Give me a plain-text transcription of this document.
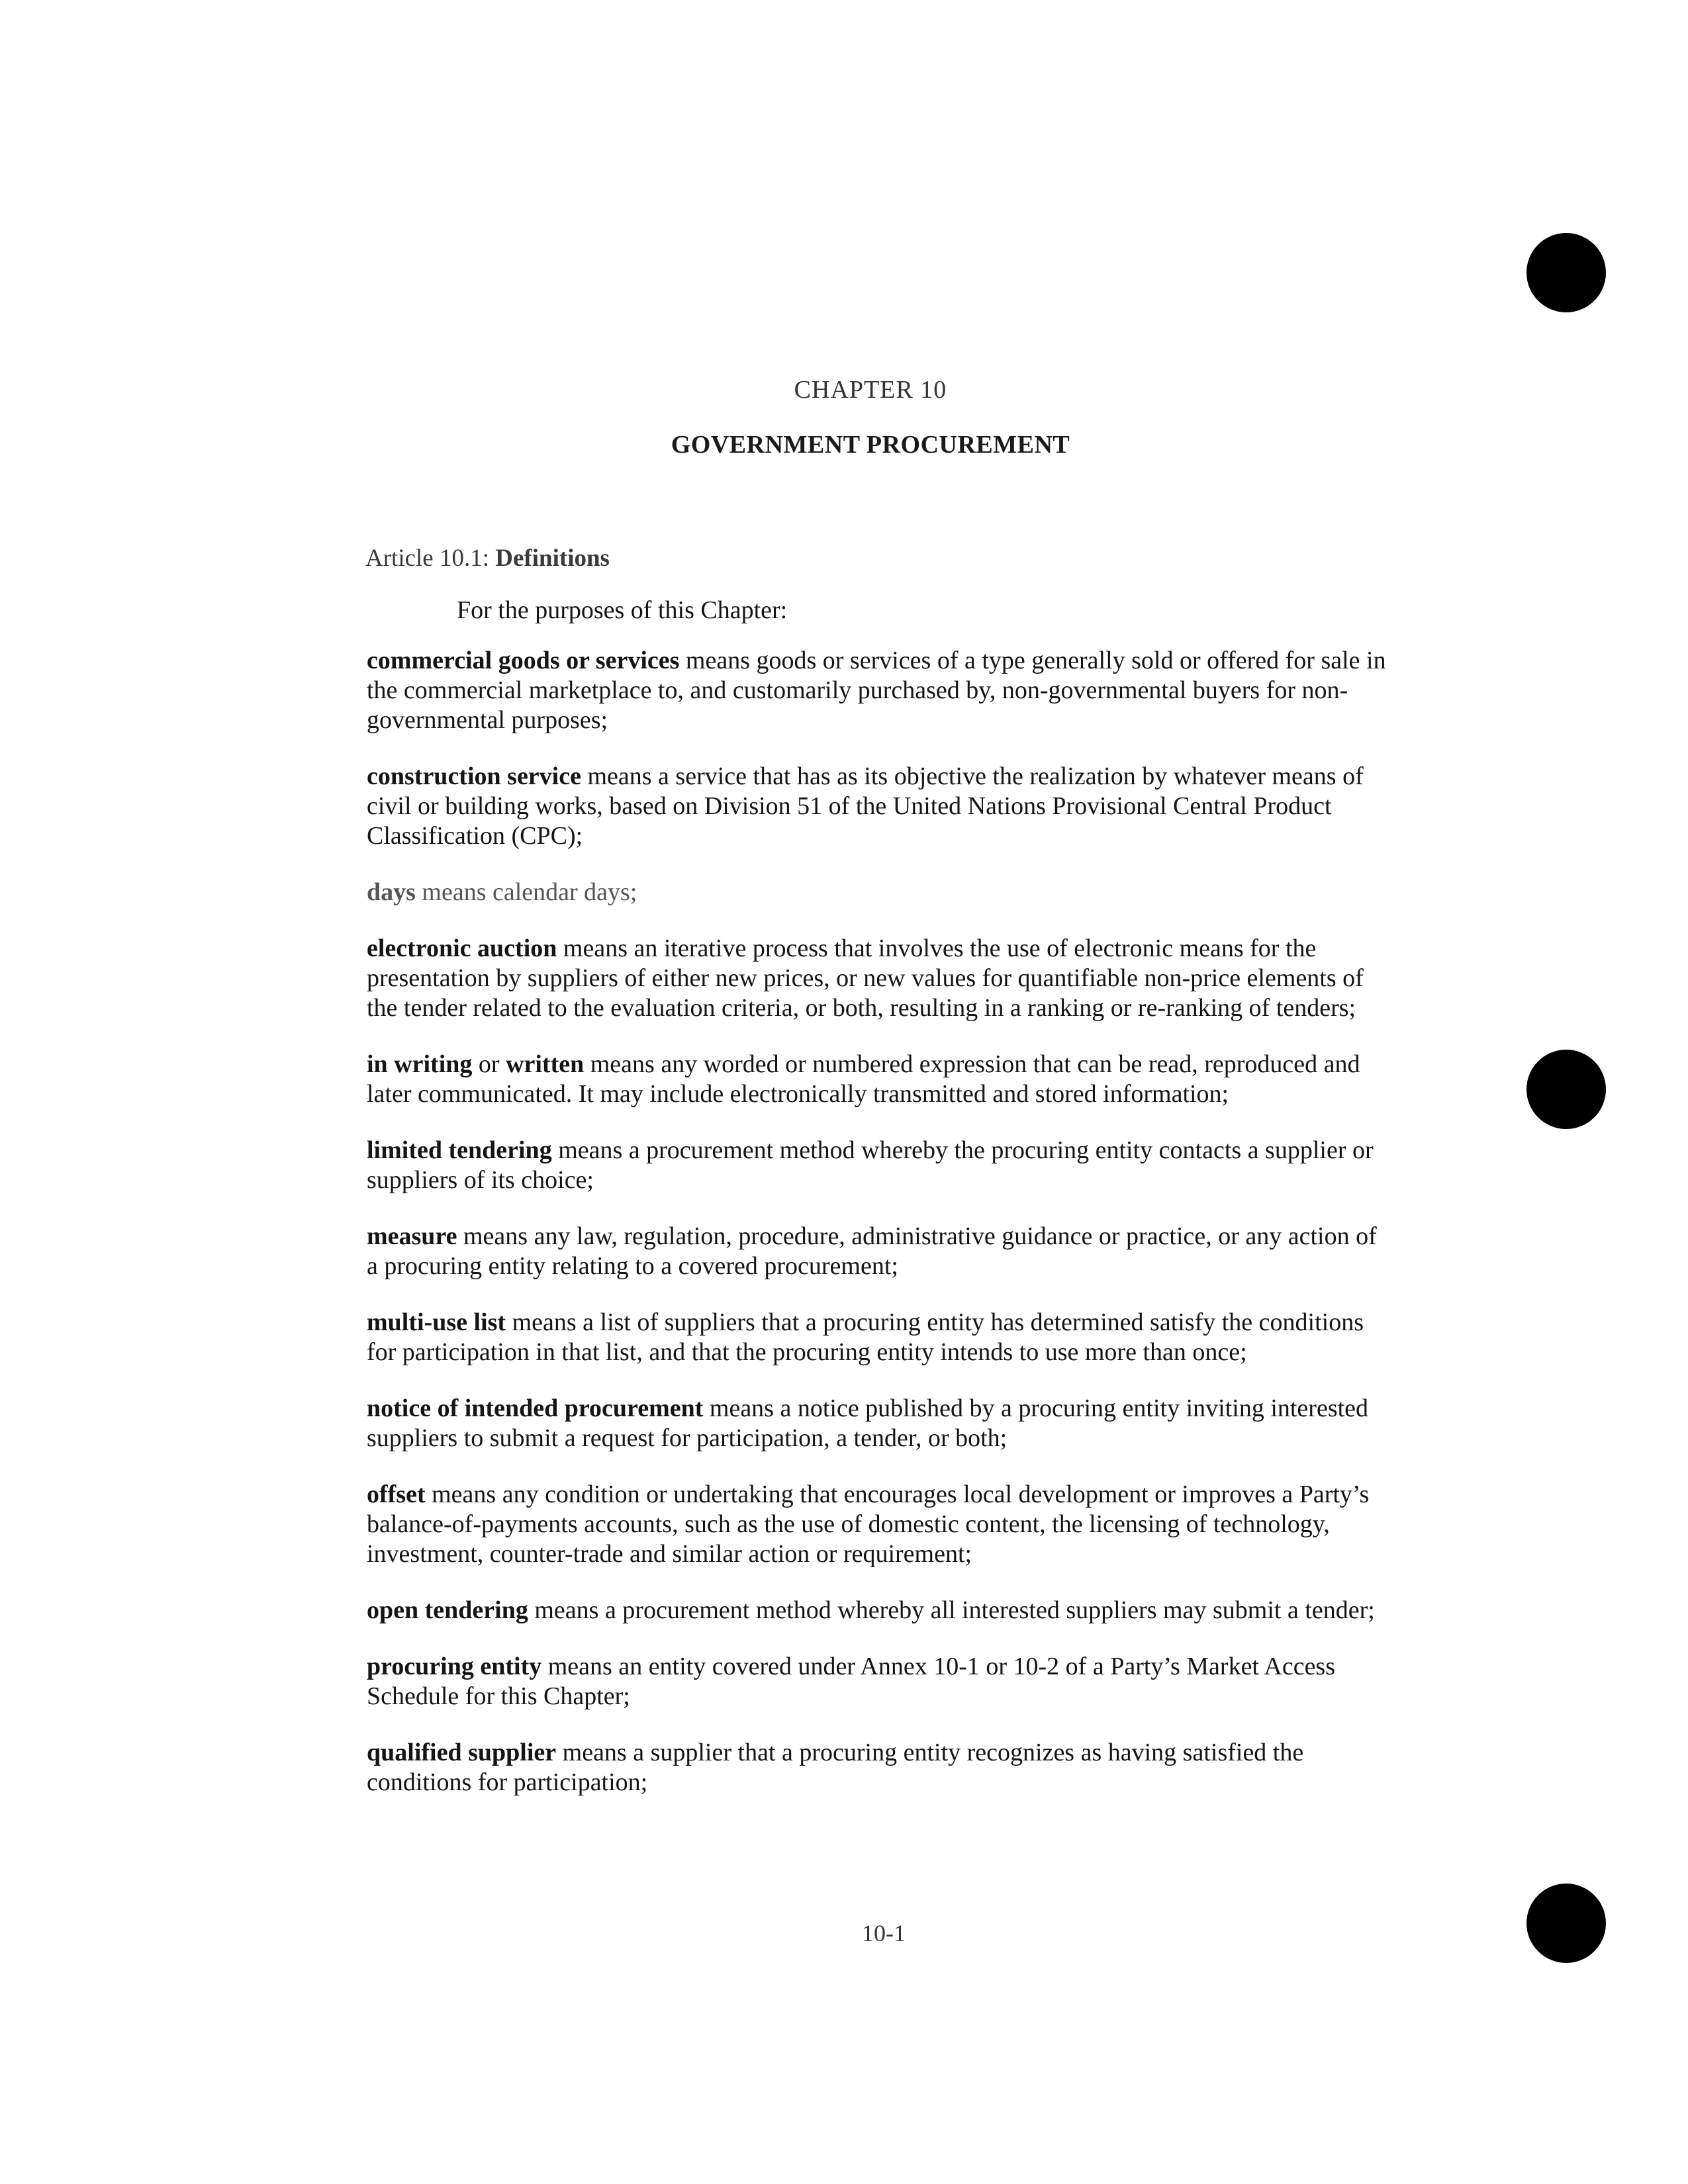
CHAPTER 10
GOVERNMENT PROCUREMENT
Article 10.1: Definitions
For the purposes of this Chapter:

commercial goods or services means goods or services of a type generally sold or offered for sale in the commercial marketplace to, and customarily purchased by, non-governmental buyers for non-governmental purposes;

construction service means a service that has as its objective the realization by whatever means of civil or building works, based on Division 51 of the United Nations Provisional Central Product Classification (CPC);

days means calendar days;

electronic auction means an iterative process that involves the use of electronic means for the presentation by suppliers of either new prices, or new values for quantifiable non-price elements of the tender related to the evaluation criteria, or both, resulting in a ranking or re-ranking of tenders;

in writing or written means any worded or numbered expression that can be read, reproduced and later communicated. It may include electronically transmitted and stored information;

limited tendering means a procurement method whereby the procuring entity contacts a supplier or suppliers of its choice;

measure means any law, regulation, procedure, administrative guidance or practice, or any action of a procuring entity relating to a covered procurement;

multi-use list means a list of suppliers that a procuring entity has determined satisfy the conditions for participation in that list, and that the procuring entity intends to use more than once;

notice of intended procurement means a notice published by a procuring entity inviting interested suppliers to submit a request for participation, a tender, or both;

offset means any condition or undertaking that encourages local development or improves a Party’s balance-of-payments accounts, such as the use of domestic content, the licensing of technology, investment, counter-trade and similar action or requirement;

open tendering means a procurement method whereby all interested suppliers may submit a tender;

procuring entity means an entity covered under Annex 10-1 or 10-2 of a Party’s Market Access Schedule for this Chapter;

qualified supplier means a supplier that a procuring entity recognizes as having satisfied the conditions for participation;

10-1
